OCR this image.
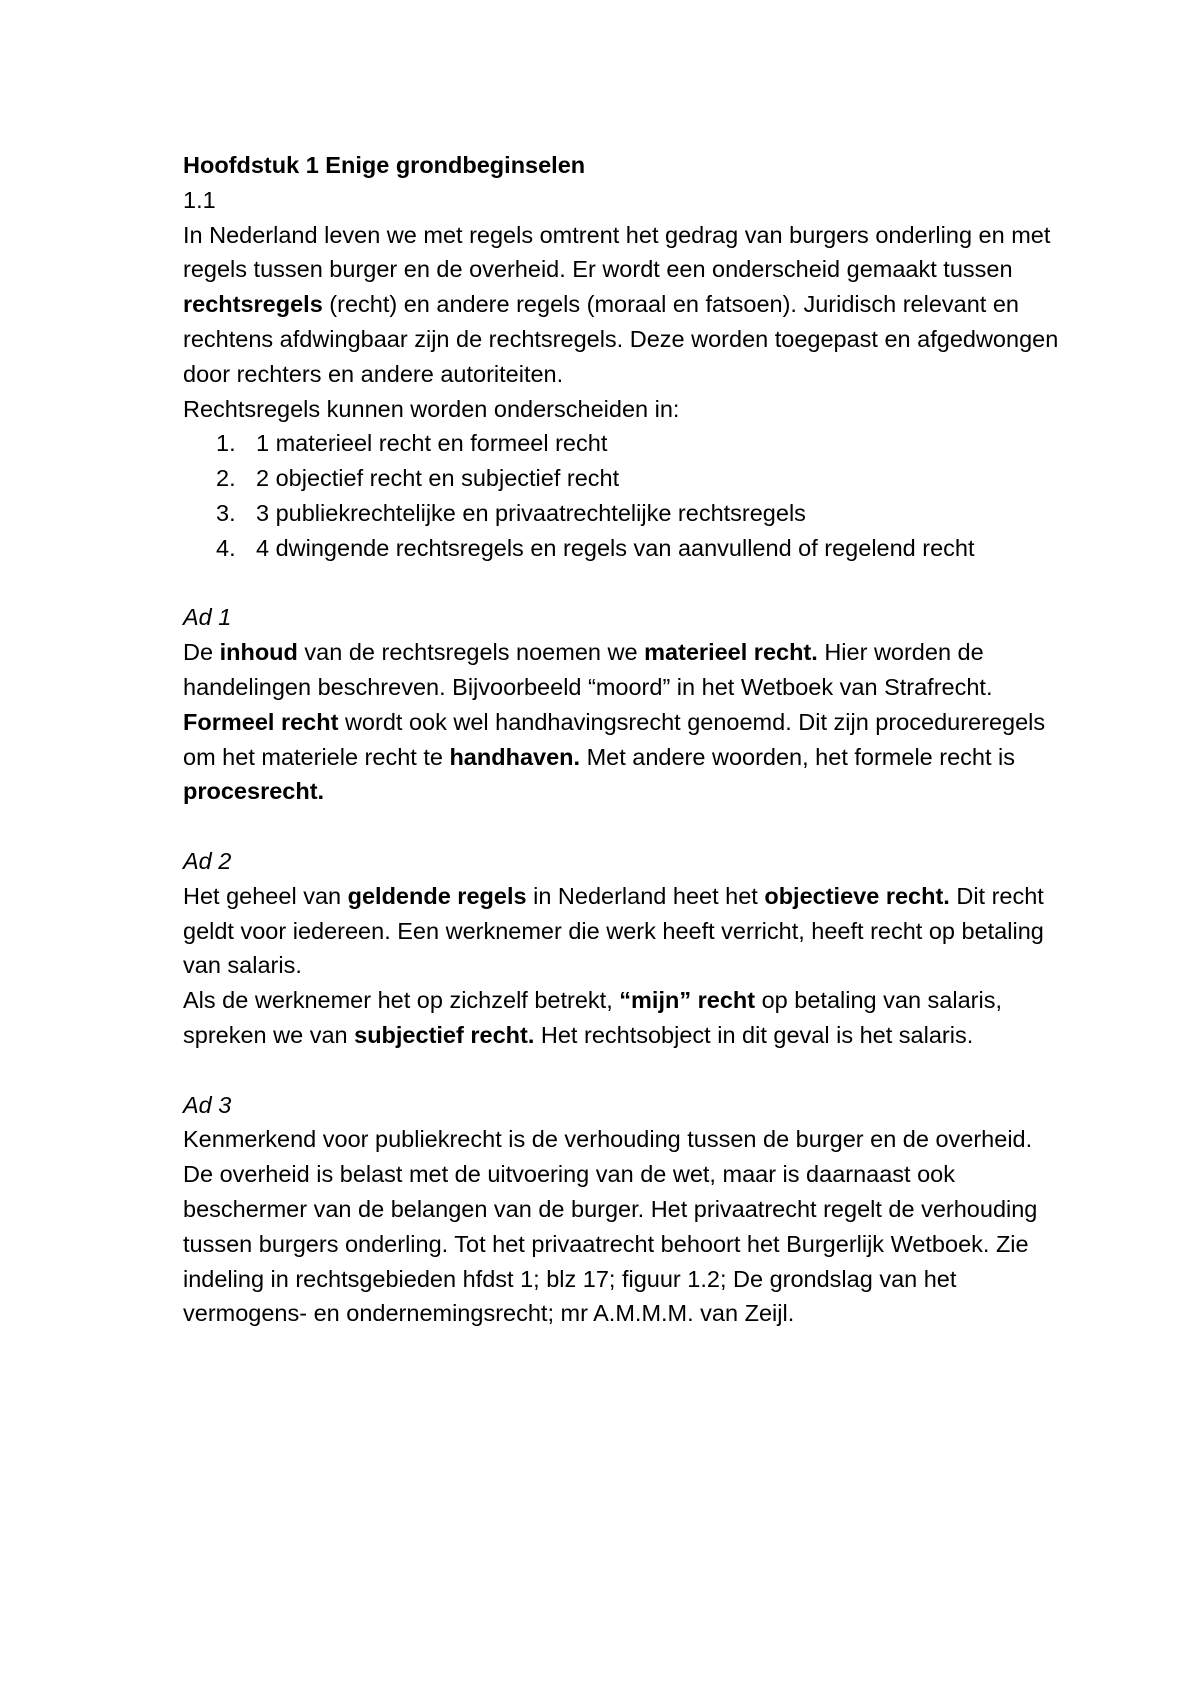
Hoofdstuk 1 Enige grondbeginselen

1.1

In Nederland leven we met regels omtrent het gedrag van burgers onderling en met regels tussen burger en de overheid. Er wordt een onderscheid gemaakt tussen rechtsregels (recht) en andere regels (moraal en fatsoen). Juridisch relevant en rechtens afdwingbaar zijn de rechtsregels. Deze worden toegepast en afgedwongen door rechters en andere autoriteiten.

Rechtsregels kunnen worden onderscheiden in:

1. 1 materieel recht en formeel recht
2. 2 objectief recht en subjectief recht
3. 3 publiekrechtelijke en privaatrechtelijke rechtsregels
4. 4 dwingende rechtsregels en regels van aanvullend of regelend recht

Ad 1

De inhoud van de rechtsregels noemen we materieel recht. Hier worden de handelingen beschreven. Bijvoorbeeld “moord” in het Wetboek van Strafrecht.

Formeel recht wordt ook wel handhavingsrecht genoemd. Dit zijn procedureregels om het materiele recht te handhaven. Met andere woorden, het formele recht is procesrecht.

Ad 2

Het geheel van geldende regels in Nederland heet het objectieve recht. Dit recht geldt voor iedereen. Een werknemer die werk heeft verricht, heeft recht op betaling van salaris.

Als de werknemer het op zichzelf betrekt, “mijn” recht op betaling van salaris, spreken we van subjectief recht. Het rechtsobject in dit geval is het salaris.

Ad 3

Kenmerkend voor publiekrecht is de verhouding tussen de burger en de overheid. De overheid is belast met de uitvoering van de wet, maar is daarnaast ook beschermer van de belangen van de burger. Het privaatrecht regelt de verhouding tussen burgers onderling. Tot het privaatrecht behoort het Burgerlijk Wetboek. Zie indeling in rechtsgebieden hfdst 1; blz 17; figuur 1.2; De grondslag van het vermogens- en ondernemingsrecht; mr A.M.M.M. van Zeijl.
